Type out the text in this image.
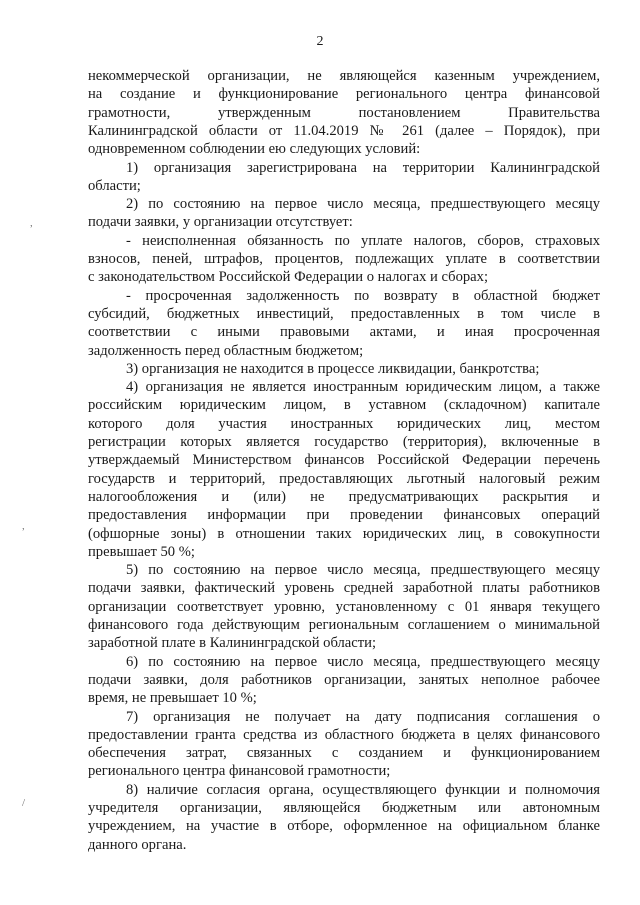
2
некоммерческой организации, не являющейся казенным учреждением,
на создание и функционирование регионального центра финансовой
грамотности, утвержденным постановлением Правительства
Калининградской области от 11.04.2019 № 261 (далее – Порядок), при
одновременном соблюдении ею следующих условий:
1) организация зарегистрирована на территории Калининградской
области;
2) по состоянию на первое число месяца, предшествующего месяцу
подачи заявки, у организации отсутствует:
- неисполненная обязанность по уплате налогов, сборов, страховых
взносов, пеней, штрафов, процентов, подлежащих уплате в соответствии
с законодательством Российской Федерации о налогах и сборах;
- просроченная задолженность по возврату в областной бюджет
субсидий, бюджетных инвестиций, предоставленных в том числе в
соответствии с иными правовыми актами, и иная просроченная
задолженность перед областным бюджетом;
3) организация не находится в процессе ликвидации, банкротства;
4) организация не является иностранным юридическим лицом, а также
российским юридическим лицом, в уставном (складочном) капитале
которого доля участия иностранных юридических лиц, местом
регистрации которых является государство (территория), включенные в
утверждаемый Министерством финансов Российской Федерации перечень
государств и территорий, предоставляющих льготный налоговый режим
налогообложения и (или) не предусматривающих раскрытия и
предоставления информации при проведении финансовых операций
(офшорные зоны) в отношении таких юридических лиц, в совокупности
превышает 50 %;
5) по состоянию на первое число месяца, предшествующего месяцу
подачи заявки, фактический уровень средней заработной платы работников
организации соответствует уровню, установленному с 01 января текущего
финансового года действующим региональным соглашением о минимальной
заработной плате в Калининградской области;
6) по состоянию на первое число месяца, предшествующего месяцу
подачи заявки, доля работников организации, занятых неполное рабочее
время, не превышает 10 %;
7) организация не получает на дату подписания соглашения о
предоставлении гранта средства из областного бюджета в целях финансового
обеспечения затрат, связанных с созданием и функционированием
регионального центра финансовой грамотности;
8) наличие согласия органа, осуществляющего функции и полномочия
учредителя организации, являющейся бюджетным или автономным
учреждением, на участие в отборе, оформленное на официальном бланке
данного органа.
,
,
/
